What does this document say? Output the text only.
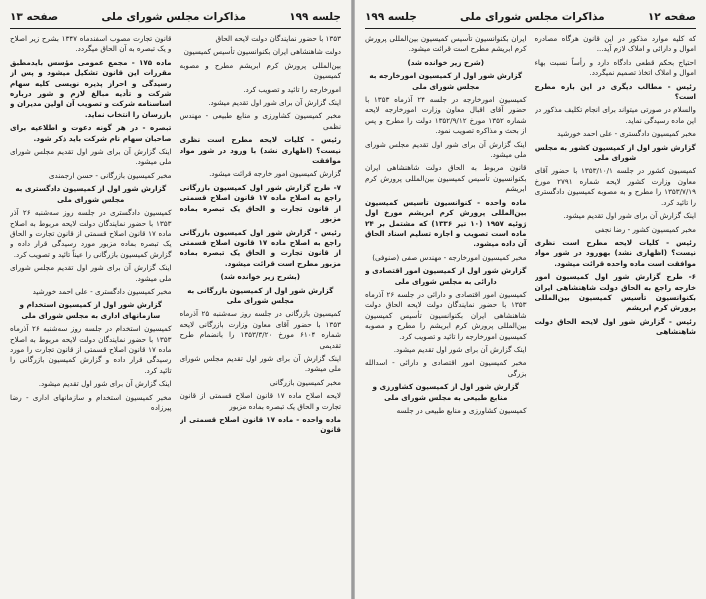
جلسه ۱۹۹
مذاکرات مجلس شورای ملی
صفحه ۱۳

۱۳۵۳ با حضور نمایندگان دولت لایحه الحاق

دولت شاهنشاهی ایران بکنوانسیون تأسیس کمیسیون

بین‌المللی پرورش کرم ابریشم مطرح و مصوبه کمیسیون

امورخارجه را تائید و تصویب کرد.

اینک گزارش آن برای شور اول تقدیم میشود.

مخبر کمیسیون کشاورزی و منابع طبیعی - مهندس نظمی

رئیس - کلیات لایحه مطرح است نظری نیست؟ (اظهاری نشد) با ورود در شور مواد موافقت

گزارش کمیسیون امور خارجه قرائت میشود.

۷- طرح گزارش شور اول کمیسیون بازرگانی راجع به اصلاح ماده ۱۷ قانون اصلاح قسمتی از قانون تجارت و الحاق یک تبصره بماده مزبور

رئیس - گزارش شور اول کمیسیون بازرگانی راجع به اصلاح ماده ۱۷ قانون اصلاح قسمتی از قانون تجارت و الحاق یک تبصره بماده مزبور مطرح است قرائت میشود.

(بشرح زیر خوانده شد)

گزارش شور اول از کمیسیون بازرگانی به مجلس شورای ملی

کمیسیون بازرگانی در جلسه روز سه‌شنبه ۲۵ آذرماه ۱۳۵۳ با حضور آقای معاون وزارت بازرگانی لایحه شماره ۶۱۰۴ مورخ ۱۳۵۳/۳/۲۰ را بانضمام طرح تقدیمی

اینک گزارش آن برای شور اول تقدیم مجلس شورای ملی میشود.

مخبر کمیسیون بازرگانی

لایحه اصلاح ماده ۱۷ قانون اصلاح قسمتی از قانون تجارت و الحاق یک تبصره بماده مزبور

ماده واحده - ماده ۱۷ قانون اصلاح قسمتی از قانون

قانون تجارت مصوب اسفندماه ۱۳۴۷ بشرح زیر اصلاح و یک تبصره به آن الحاق میگردد.

ماده ۱۷۵ - مجمع عمومی مؤسس بایدمطبق مقررات این قانون تشکیل میشود و پس از رسیدگی و احراز پذیره نویسی کلیه سهام شرکت و تأدیه مبالغ لازم و شور درباره اساسنامه شرکت و تصویب آن اولین مدیران و بازرسان را انتخاب نماید.

تبصره - در هر گونه دعوت و اطلاعیه برای صاحبان سهام نام شرکت باید ذکر شود.

اینک گزارش آن برای شور اول تقدیم مجلس شورای ملی میشود.

مخبر کمیسیون بازرگانی - حسن ارجمندی

گزارش شور اول از کمیسیون دادگستری به مجلس شورای ملی

کمیسیون دادگستری در جلسه روز سه‌شنبه ۲۶ آذر ۱۳۵۳ با حضور نمایندگان دولت لایحه مربوط به اصلاح ماده ۱۷ قانون اصلاح قسمتی از قانون تجارت و الحاق یک تبصره بماده مزبور مورد رسیدگی قرار داده و گزارش کمیسیون بازرگانی را عیناً تائید و تصویب کرد.

اینک گزارش آن برای شور اول تقدیم مجلس شورای ملی میشود.

مخبر کمیسیون دادگستری - علی احمد خورشید

گزارش شور اول از کمیسیون استخدام و سازمانهای اداری به مجلس شورای ملی

کمیسیون استخدام در جلسه روز سه‌شنبه ۲۶ آذرماه ۱۳۵۳ با حضور نمایندگان دولت لایحه مربوط به اصلاح ماده ۱۷ قانون اصلاح قسمتی از قانون تجارت را مورد رسیدگی قرار داده و گزارش کمیسیون بازرگانی را تائید کرد.

اینک گزارش آن برای شور اول تقدیم میشود.

مخبر کمیسیون استخدام و سازمانهای اداری - رضا پیرزاده

صفحه ۱۲
مذاکرات مجلس شورای ملی
جلسه ۱۹۹

که کلیه موارد مذکور در این قانون هرگاه مصادره اموال و دارائی و املاک لازم آید...

احتیاج بحکم قطعی دادگاه دارد و رأساً نسبت بهاء اموال و املاک اتخاذ تصمیم نمیگردد.

رئیس - مطالب دیگری در این باره مطرح است؟

والسلام در صورتی میتواند برای انجام تکلیف مذکور در این ماده رسیدگی نماید.

مخبر کمیسیون دادگستری - علی احمد خورشید

گزارش شور اول از کمیسیون کشور به مجلس شورای ملی

کمیسیون کشور در جلسه ۱۳۵۳/۱۰/۱ با حضور آقای معاون وزارت کشور لایحه شماره ۲۷۹۱ مورخ ۱۳۵۳/۷/۱۹ را مطرح و به مصوبه کمیسیون دادگستری را تائید کرد.

اینک گزارش آن برای شور اول تقدیم میشود.

مخبر کمیسیون کشور - رضا نجفی

رئیس - کلیات لایحه مطرح است نظری نیست؟ (اظهاری نشد) بهورود در شور مواد موافقت است ماده واحده قرائت میشود.

۶- طرح گزارش شور اول کمیسیون امور خارجه راجع به الحاق دولت شاهنشاهی ایران بکنوانسیون تأسیس کمیسیون بین‌المللی پرورش کرم ابریشم

رئیس - گزارش شور اول لایحه الحاق دولت شاهنشاهی

ایران بکنوانسیون تأسیس کمیسیون بین‌المللی پرورش کرم ابریشم مطرح است قرائت میشود.

(شرح زیر خوانده شد)

گزارش شور اول از کمیسیون امورخارجه به مجلس شورای ملی

کمیسیون امورخارجه در جلسه ۲۴ آذرماه ۱۳۵۳ با حضور آقای اقبال معاون وزارت امورخارجه لایحه شماره ۱۳۵۲ مورخ ۱۳۵۲/۹/۱۲ دولت را مطرح و پس از بحث و مذاکره تصویب نمود.

اینک گزارش آن برای شور اول تقدیم مجلس شورای ملی میشود.

قانون مربوط به الحاق دولت شاهنشاهی ایران بکنوانسیون تأسیس کمیسیون بین‌المللی پرورش کرم ابریشم

ماده واحده - کنوانسیون تأسیس کمیسیون بین‌المللی پرورش کرم ابریشم مورخ اول ژوئیه ۱۹۵۷ (۱۰ تیر ۱۳۳۶) که مشتمل بر ۲۴ ماده است تصویب و اجازه تسلیم اسناد الحاق آن داده میشود.

مخبر کمیسیون امورخارجه - مهندس صفی (صنوفی)

گزارش شور اول از کمیسیون امور اقتصادی و دارائی به مجلس شورای ملی

کمیسیون امور اقتصادی و دارائی در جلسه ۲۶ آذرماه ۱۳۵۳ با حضور نمایندگان دولت لایحه الحاق دولت شاهنشاهی ایران بکنوانسیون تأسیس کمیسیون بین‌المللی پرورش کرم ابریشم را مطرح و مصوبه کمیسیون امورخارجه را تائید و تصویب کرد.

اینک گزارش آن برای شور اول تقدیم میشود.

مخبر کمیسیون امور اقتصادی و دارائی - اسدالله بزرگی

گزارش شور اول از کمیسیون کشاورزی و منابع طبیعی به مجلس شورای ملی

کمیسیون کشاورزی و منابع طبیعی در جلسه
